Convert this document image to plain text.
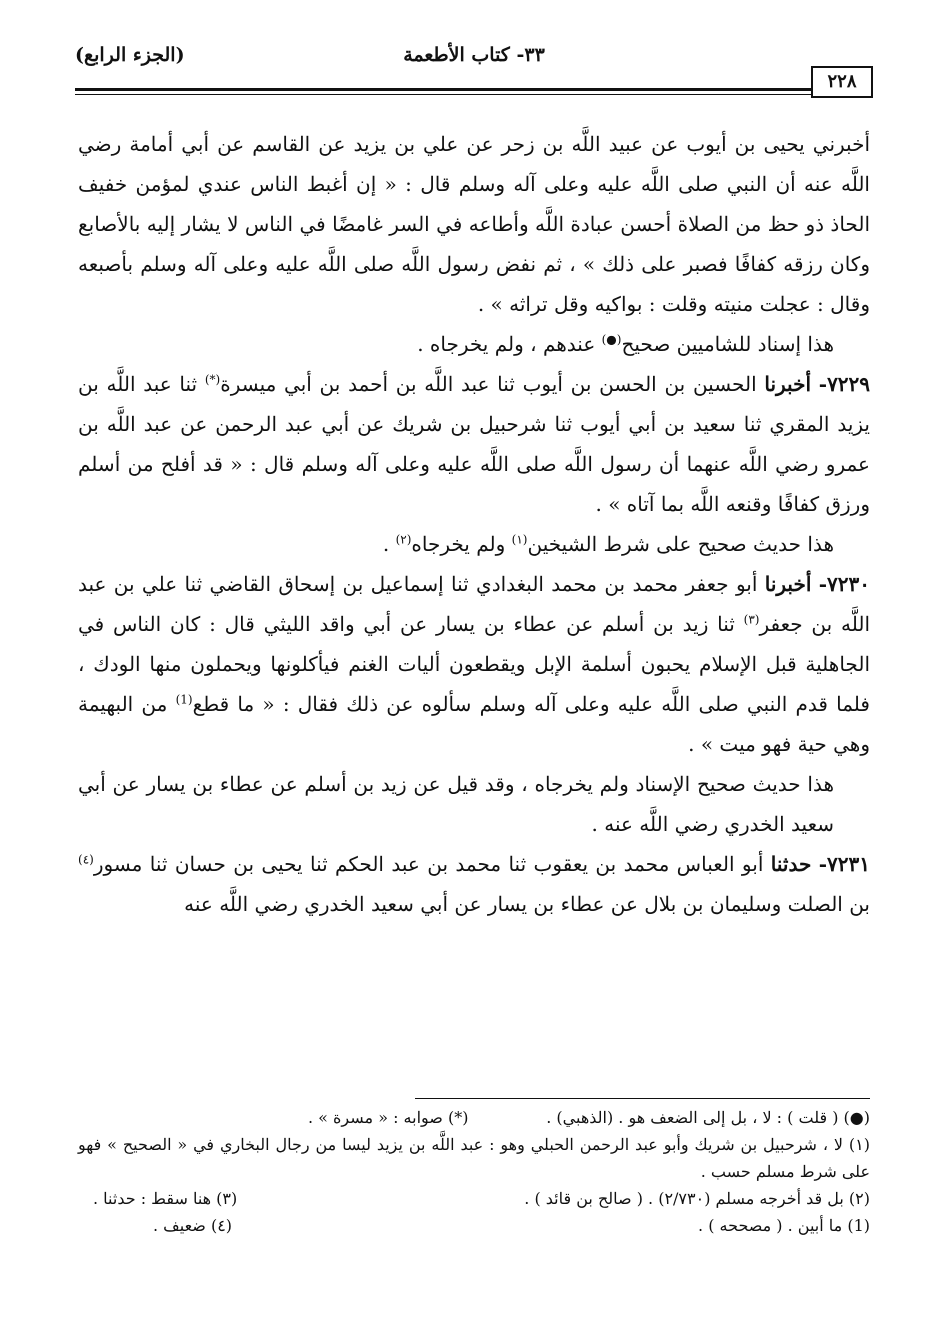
(الجزء الرابع)	٣٣- كتاب الأطعمة
٢٢٨

أخبرني يحيى بن أيوب عن عبيد اللَّه بن زحر عن علي بن يزيد عن القاسم عن أبي أمامة رضي اللَّه عنه أن النبي صلى اللَّه عليه وعلى آله وسلم قال : « إن أغبط الناس عندي لمؤمن خفيف الحاذ ذو حظ من الصلاة أحسن عبادة اللَّه وأطاعه في السر غامضًا في الناس لا يشار إليه بالأصابع وكان رزقه كفافًا فصبر على ذلك » ، ثم نفض رسول اللَّه صلى اللَّه عليه وعلى آله وسلم بأصبعه وقال : عجلت منيته وقلت : بواكيه وقل تراثه » .

هذا إسناد للشاميين صحيح(●) عندهم ، ولم يخرجاه .

٧٢٢٩- أخبرنا الحسين بن الحسن بن أيوب ثنا عبد اللَّه بن أحمد بن أبي ميسرة(*) ثنا عبد اللَّه بن يزيد المقري ثنا سعيد بن أبي أيوب ثنا شرحبيل بن شريك عن أبي عبد الرحمن عن عبد اللَّه بن عمرو رضي اللَّه عنهما أن رسول اللَّه صلى اللَّه عليه وعلى آله وسلم قال : « قد أفلح من أسلم ورزق كفافًا وقنعه اللَّه بما آتاه » .

هذا حديث صحيح على شرط الشيخين$^{(١)}$ ولم يخرجاه$^{(٢)}$ .

٧٢٣٠- أخبرنا أبو جعفر محمد بن محمد البغدادي ثنا إسماعيل بن إسحاق القاضي ثنا علي بن عبد اللَّه بن جعفر$^{(٣)}$ ثنا زيد بن أسلم عن عطاء بن يسار عن أبي واقد الليثي قال : كان الناس في الجاهلية قبل الإسلام يحبون أسلمة الإبل ويقطعون أليات الغنم فيأكلونها ويحملون منها الودك ، فلما قدم النبي صلى اللَّه عليه وعلى آله وسلم سألوه عن ذلك فقال : « ما قطع$^{(1)}$ من البهيمة وهي حية فهو ميت » .

هذا حديث صحيح الإسناد ولم يخرجاه ، وقد قيل عن زيد بن أسلم عن عطاء بن يسار عن أبي سعيد الخدري رضي اللَّه عنه .

٧٢٣١- حدثنا أبو العباس محمد بن يعقوب ثنا محمد بن عبد الحكم ثنا يحيى بن حسان ثنا مسور$^{(٤)}$ بن الصلت وسليمان بن بلال عن عطاء بن يسار عن أبي سعيد الخدري رضي اللَّه عنه

(●) ( قلت ) : لا ، بل إلى الضعف هو . (الذهبي) .
(*) صوابه : « مسرة » .
(١) لا ، شرحبيل بن شريك وأبو عبد الرحمن الحبلي وهو : عبد اللَّه بن يزيد ليسا من رجال البخاري في « الصحيح » فهو على شرط مسلم حسب .
(٢) بل قد أخرجه مسلم (٢/٧٣٠) . ( صالح بن قائد ) .
(٣) هنا سقط : حدثنا .
(1) ما أبين . ( مصححه ) .
(٤) ضعيف .
